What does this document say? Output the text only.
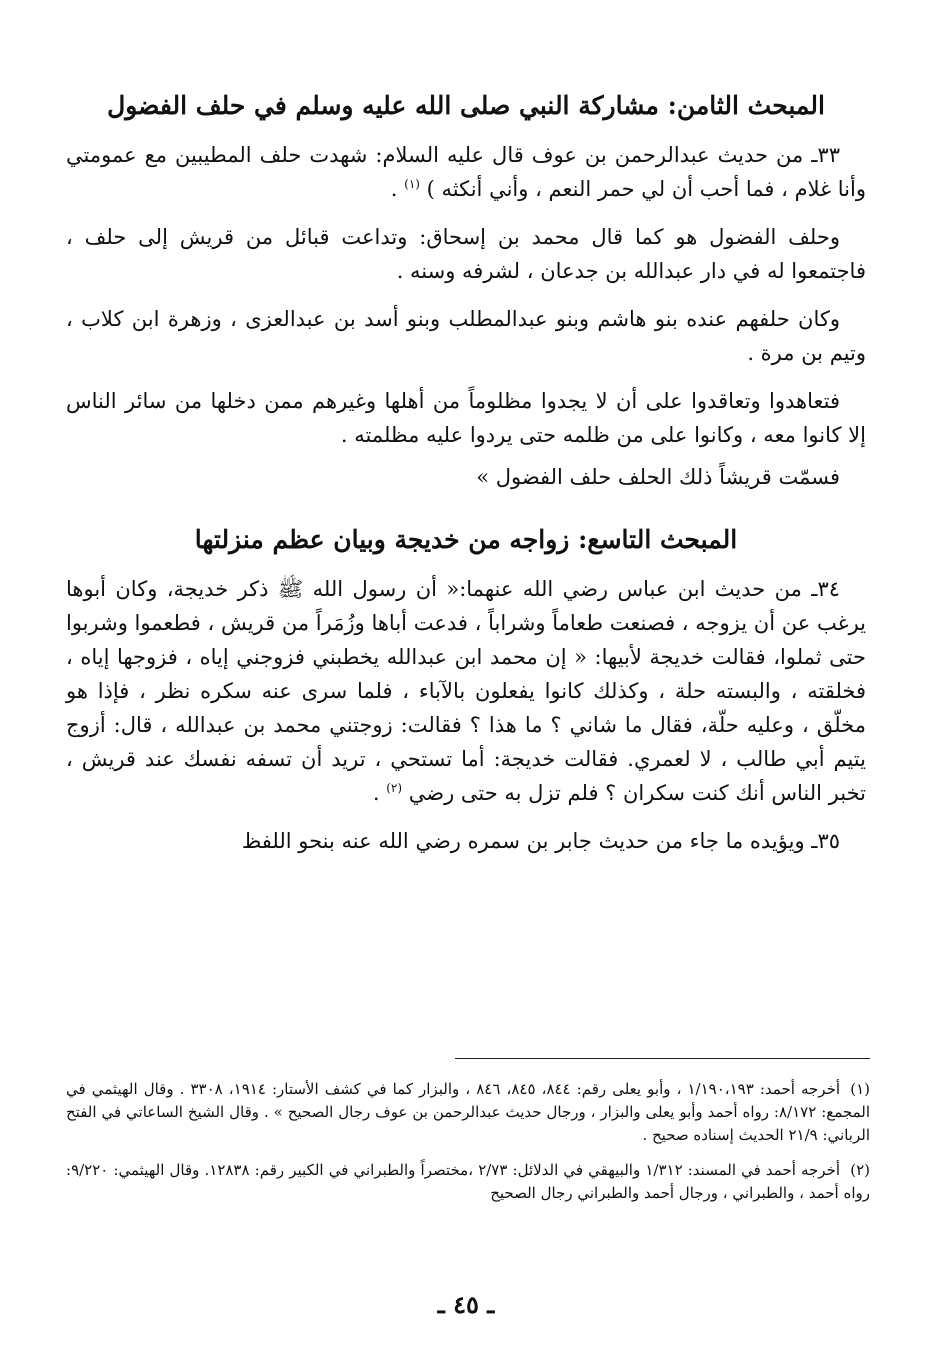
المبحث الثامن: مشاركة النبي صلى الله عليه وسلم في حلف الفضول

٣٣ـ من حديث عبدالرحمن بن عوف قال عليه السلام: شهدت حلف المطيبين مع عمومتي وأنا غلام ، فما أحب أن لي حمر النعم ، وأني أنكثه ) $^{(١)}$ .

وحلف الفضول هو كما قال محمد بن إسحاق: وتداعت قبائل من قريش إلى حلف ، فاجتمعوا له في دار عبدالله بن جدعان ، لشرفه وسنه .

وكان حلفهم عنده بنو هاشم وبنو عبدالمطلب وبنو أسد بن عبدالعزى ، وزهرة ابن كلاب ، وتيم بن مرة .

فتعاهدوا وتعاقدوا على أن لا يجدوا مظلوماً من أهلها وغيرهم ممن دخلها من سائر الناس إلا كانوا معه ، وكانوا على من ظلمه حتى يردوا عليه مظلمته .

فسمّت قريشاً ذلك الحلف حلف الفضول »

المبحث التاسع: زواجه من خديجة وبيان عظم منزلتها

٣٤ـ من حديث ابن عباس رضي الله عنهما:« أن رسول الله ﷺ ذكر خديجة، وكان أبوها يرغب عن أن يزوجه ، فصنعت طعاماً وشراباً ، فدعت أباها وزُمَراً من قريش ، فطعموا وشربوا حتى ثملوا، فقالت خديجة لأبيها: « إن محمد ابن عبدالله يخطبني فزوجني إياه ، فزوجها إياه ، فخلقته ، والبسته حلة ، وكذلك كانوا يفعلون بالآباء ، فلما سرى عنه سكره نظر ، فإذا هو مخلّق ، وعليه حلّة، فقال ما شاني ؟ ما هذا ؟ فقالت: زوجتني محمد بن عبدالله ، قال: أزوج يتيم أبي طالب ، لا لعمري. فقالت خديجة: أما تستحي ، تريد أن تسفه نفسك عند قريش ، تخبر الناس أنك كنت سكران ؟ فلم تزل به حتى رضي $^{(٢)}$ .

٣٥ـ ويؤيده ما جاء من حديث جابر بن سمره رضي الله عنه بنحو اللفظ

(١)أخرجه أحمد: ١/١٩٠،١٩٣ ، وأبو يعلى رقم: ٨٤٤، ٨٤٥، ٨٤٦ ، والبزار كما في كشف الأستار: ١٩١٤، ٣٣٠٨ . وقال الهيثمي في المجمع: ٨/١٧٢: رواه أحمد وأبو يعلى والبزار ، ورجال حديث عبدالرحمن بن عوف رجال الصحيح » . وقال الشيخ الساعاتي في الفتح الرباني: ٢١/٩ الحديث إسناده صحيح .
(٢)أخرجه أحمد في المسند: ١/٣١٢ والبيهقي في الدلائل: ٢/٧٣ ،مختصراً والطبراني في الكبير رقم: ١٢٨٣٨. وقال الهيثمي: ٩/٢٢٠: رواه أحمد ، والطبراني ، ورجال أحمد والطبراني رجال الصحيح
ـ ٤٥ ـ
